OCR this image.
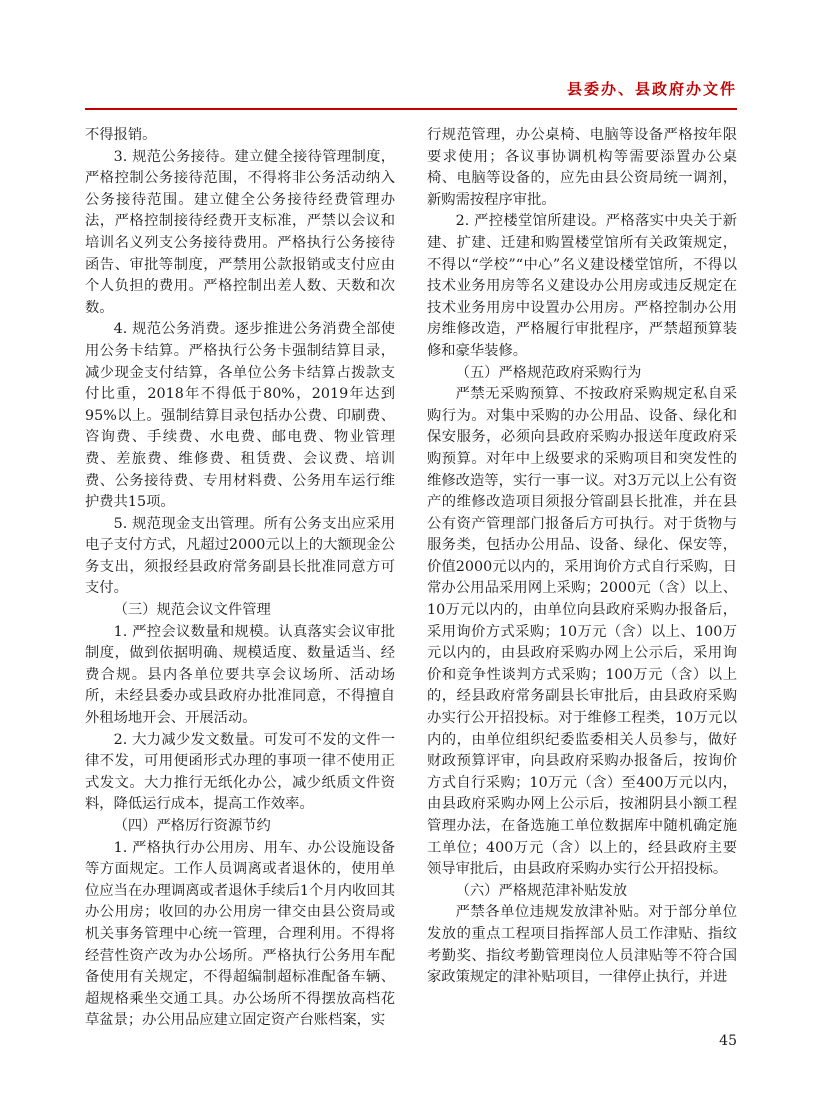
县委办、县政府办文件

不得报销。

3. 规范公务接待。建立健全接待管理制度，严格控制公务接待范围，不得将非公务活动纳入公务接待范围。建立健全公务接待经费管理办法，严格控制接待经费开支标准，严禁以会议和培训名义列支公务接待费用。严格执行公务接待函告、审批等制度，严禁用公款报销或支付应由个人负担的费用。严格控制出差人数、天数和次数。

4. 规范公务消费。逐步推进公务消费全部使用公务卡结算。严格执行公务卡强制结算目录，减少现金支付结算，各单位公务卡结算占拨款支付比重，2018年不得低于80%，2019年达到95%以上。强制结算目录包括办公费、印刷费、咨询费、手续费、水电费、邮电费、物业管理费、差旅费、维修费、租赁费、会议费、培训费、公务接待费、专用材料费、公务用车运行维护费共15项。

5. 规范现金支出管理。所有公务支出应采用电子支付方式，凡超过2000元以上的大额现金公务支出，须报经县政府常务副县长批准同意方可支付。

（三）规范会议文件管理

1. 严控会议数量和规模。认真落实会议审批制度，做到依据明确、规模适度、数量适当、经费合规。县内各单位要共享会议场所、活动场所，未经县委办或县政府办批准同意，不得擅自外租场地开会、开展活动。

2. 大力减少发文数量。可发可不发的文件一律不发，可用便函形式办理的事项一律不使用正式发文。大力推行无纸化办公，减少纸质文件资料，降低运行成本，提高工作效率。

（四）严格厉行资源节约

1. 严格执行办公用房、用车、办公设施设备等方面规定。工作人员调离或者退休的，使用单位应当在办理调离或者退休手续后1个月内收回其办公用房；收回的办公用房一律交由县公资局或机关事务管理中心统一管理，合理利用。不得将经营性资产改为办公场所。严格执行公务用车配备使用有关规定，不得超编制超标准配备车辆、超规格乘坐交通工具。办公场所不得摆放高档花草盆景；办公用品应建立固定资产台账档案，实

行规范管理，办公桌椅、电脑等设备严格按年限要求使用；各议事协调机构等需要添置办公桌椅、电脑等设备的，应先由县公资局统一调剂，新购需按程序审批。

2. 严控楼堂馆所建设。严格落实中央关于新建、扩建、迁建和购置楼堂馆所有关政策规定，不得以“学校”“中心”名义建设楼堂馆所，不得以技术业务用房等名义建设办公用房或违反规定在技术业务用房中设置办公用房。严格控制办公用房维修改造，严格履行审批程序，严禁超预算装修和豪华装修。

（五）严格规范政府采购行为

严禁无采购预算、不按政府采购规定私自采购行为。对集中采购的办公用品、设备、绿化和保安服务，必须向县政府采购办报送年度政府采购预算。对年中上级要求的采购项目和突发性的维修改造等，实行一事一议。对3万元以上公有资产的维修改造项目须报分管副县长批准，并在县公有资产管理部门报备后方可执行。对于货物与服务类，包括办公用品、设备、绿化、保安等，价值2000元以内的，采用询价方式自行采购，日常办公用品采用网上采购；2000元（含）以上、10万元以内的，由单位向县政府采购办报备后，采用询价方式采购；10万元（含）以上、100万元以内的，由县政府采购办网上公示后，采用询价和竞争性谈判方式采购；100万元（含）以上的，经县政府常务副县长审批后，由县政府采购办实行公开招投标。对于维修工程类，10万元以内的，由单位组织纪委监委相关人员参与，做好财政预算评审，向县政府采购办报备后，按询价方式自行采购；10万元（含）至400万元以内，由县政府采购办网上公示后，按湘阴县小额工程管理办法，在备选施工单位数据库中随机确定施工单位；400万元（含）以上的，经县政府主要领导审批后，由县政府采购办实行公开招投标。

（六）严格规范津补贴发放

严禁各单位违规发放津补贴。对于部分单位发放的重点工程项目指挥部人员工作津贴、指纹考勤奖、指纹考勤管理岗位人员津贴等不符合国家政策规定的津补贴项目，一律停止执行，并进

45
